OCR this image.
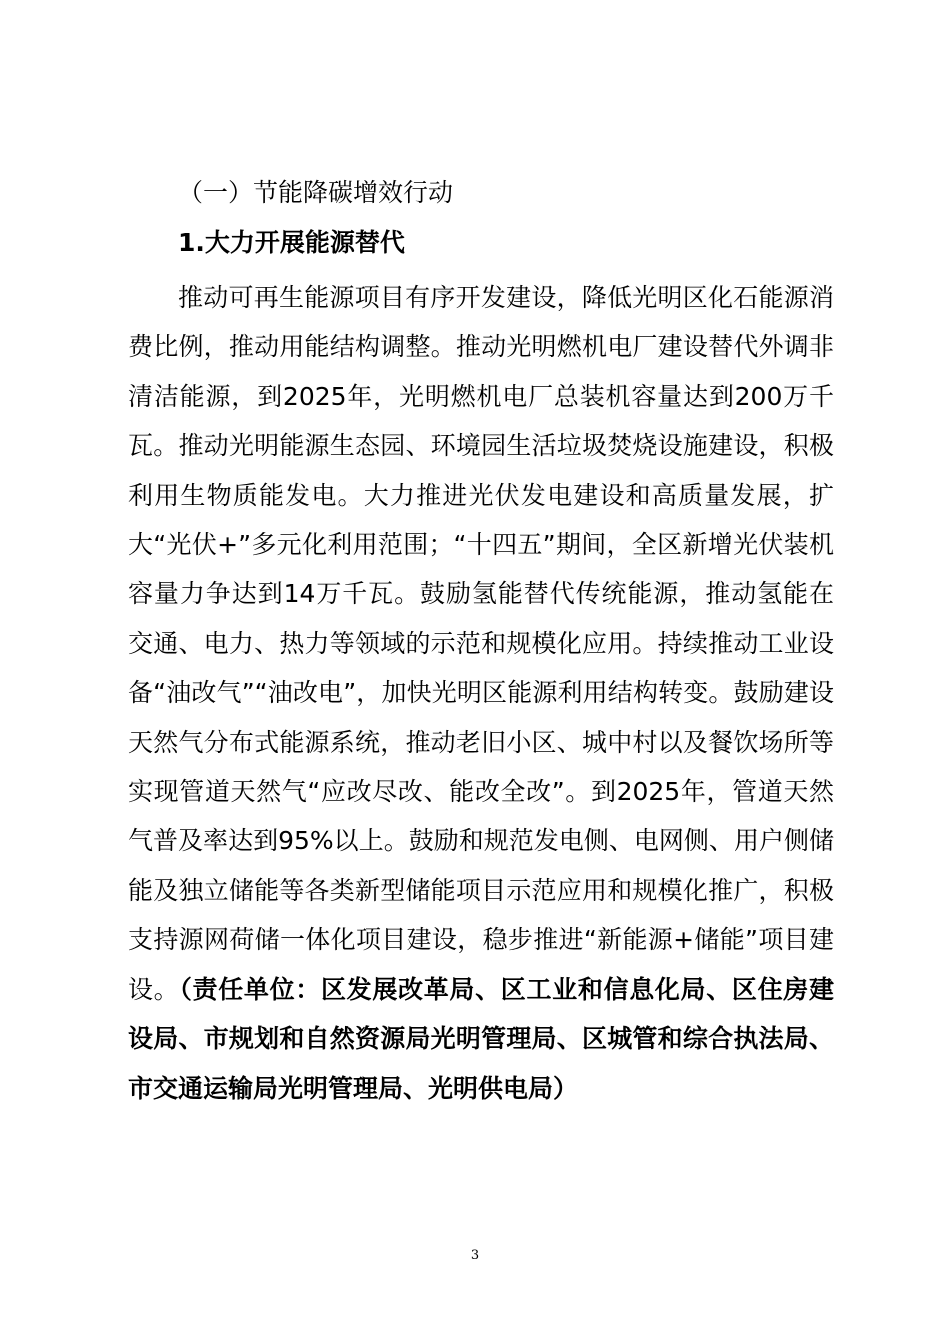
（一）节能降碳增效行动
1.大力开展能源替代

推动可再生能源项目有序开发建设，降低光明区化石能源消费比例，推动用能结构调整。推动光明燃机电厂建设替代外调非清洁能源，到2025年，光明燃机电厂总装机容量达到200万千瓦。推动光明能源生态园、环境园生活垃圾焚烧设施建设，积极利用生物质能发电。大力推进光伏发电建设和高质量发展，扩大“光伏+”多元化利用范围；“十四五”期间，全区新增光伏装机容量力争达到14万千瓦。鼓励氢能替代传统能源，推动氢能在交通、电力、热力等领域的示范和规模化应用。持续推动工业设备“油改气”“油改电”，加快光明区能源利用结构转变。鼓励建设天然气分布式能源系统，推动老旧小区、城中村以及餐饮场所等实现管道天然气“应改尽改、能改全改”。到2025年，管道天然气普及率达到95%以上。鼓励和规范发电侧、电网侧、用户侧储能及独立储能等各类新型储能项目示范应用和规模化推广，积极支持源网荷储一体化项目建设，稳步推进“新能源+储能”项目建设。（责任单位：区发展改革局、区工业和信息化局、区住房建设局、市规划和自然资源局光明管理局、区城管和综合执法局、市交通运输局光明管理局、光明供电局）

3
